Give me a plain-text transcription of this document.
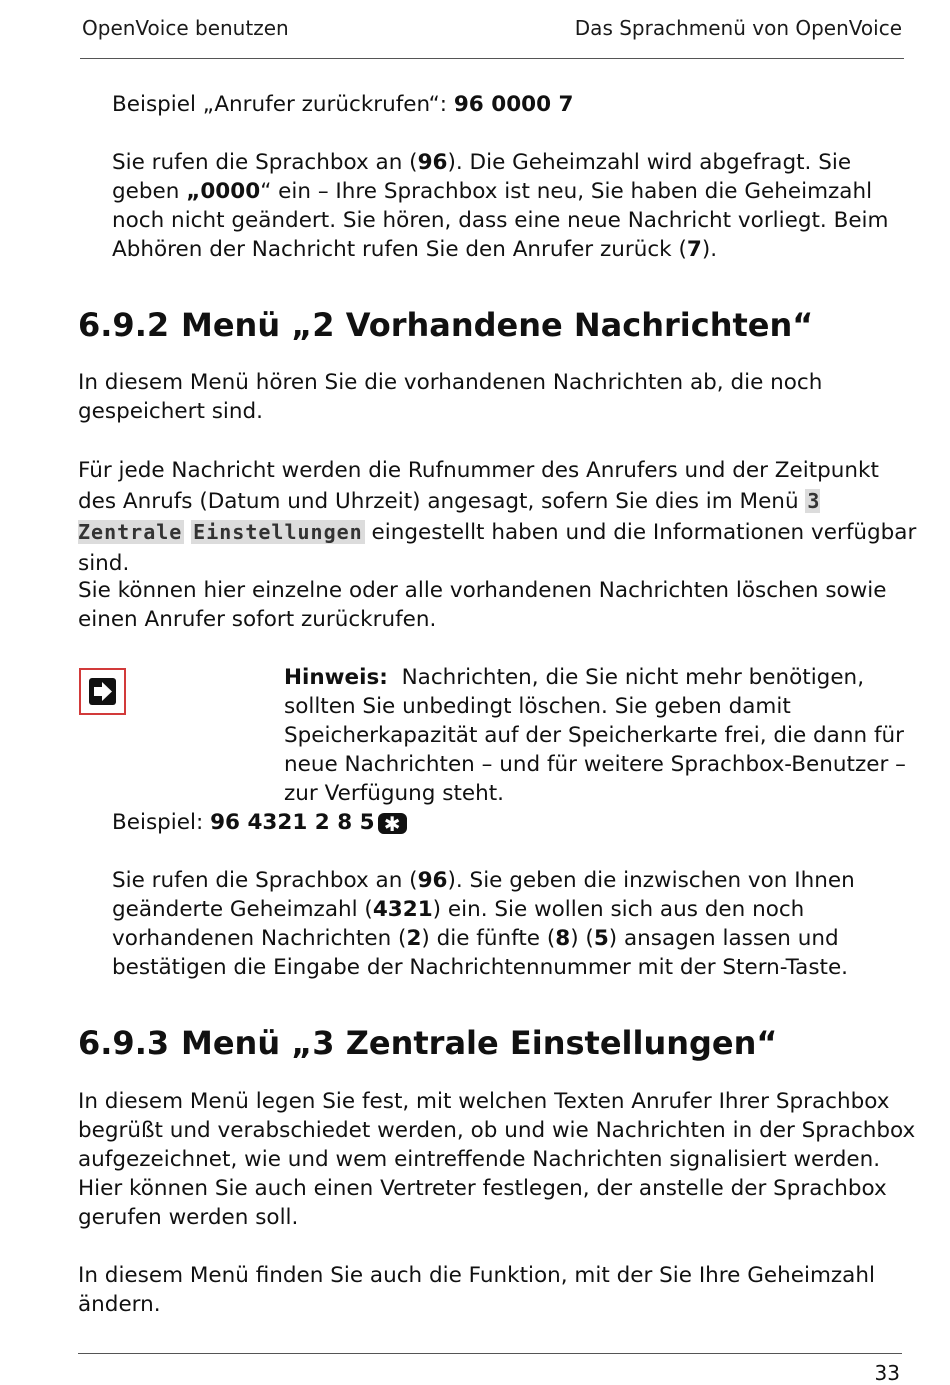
OpenVoice benutzen	Das Sprachmenü von OpenVoice
Beispiel „Anrufer zurückrufen“: 96 0000 7
Sie rufen die Sprachbox an (96). Die Geheimzahl wird abgefragt. Sie geben „0000“ ein – Ihre Sprachbox ist neu, Sie haben die Geheimzahl noch nicht geändert. Sie hören, dass eine neue Nachricht vorliegt. Beim Abhören der Nachricht rufen Sie den Anrufer zurück (7).
6.9.2 Menü „2 Vorhandene Nachrichten“
In diesem Menü hören Sie die vorhandenen Nachrichten ab, die noch gespeichert sind.
Für jede Nachricht werden die Rufnummer des Anrufers und der Zeitpunkt des Anrufs (Datum und Uhrzeit) angesagt, sofern Sie dies im Menü 3 Zentrale Einstellungen eingestellt haben und die Informationen verfügbar sind.
Sie können hier einzelne oder alle vorhandenen Nachrichten löschen sowie einen Anrufer sofort zurückrufen.
Hinweis: Nachrichten, die Sie nicht mehr benötigen, sollten Sie unbedingt löschen. Sie geben damit Speicherkapazität auf der Speicherkarte frei, die dann für neue Nachrichten – und für weitere Sprachbox-Benutzer – zur Verfügung steht.
Beispiel: 96 4321 2 8 5 ✱
Sie rufen die Sprachbox an (96). Sie geben die inzwischen von Ihnen geänderte Geheimzahl (4321) ein. Sie wollen sich aus den noch vorhandenen Nachrichten (2) die fünfte (8) (5) ansagen lassen und bestätigen die Eingabe der Nachrichtennummer mit der Stern-Taste.
6.9.3 Menü „3 Zentrale Einstellungen“
In diesem Menü legen Sie fest, mit welchen Texten Anrufer Ihrer Sprachbox begrüßt und verabschiedet werden, ob und wie Nachrichten in der Sprachbox aufgezeichnet, wie und wem eintreffende Nachrichten signalisiert werden. Hier können Sie auch einen Vertreter festlegen, der anstelle der Sprachbox gerufen werden soll.
In diesem Menü finden Sie auch die Funktion, mit der Sie Ihre Geheimzahl ändern.
33
